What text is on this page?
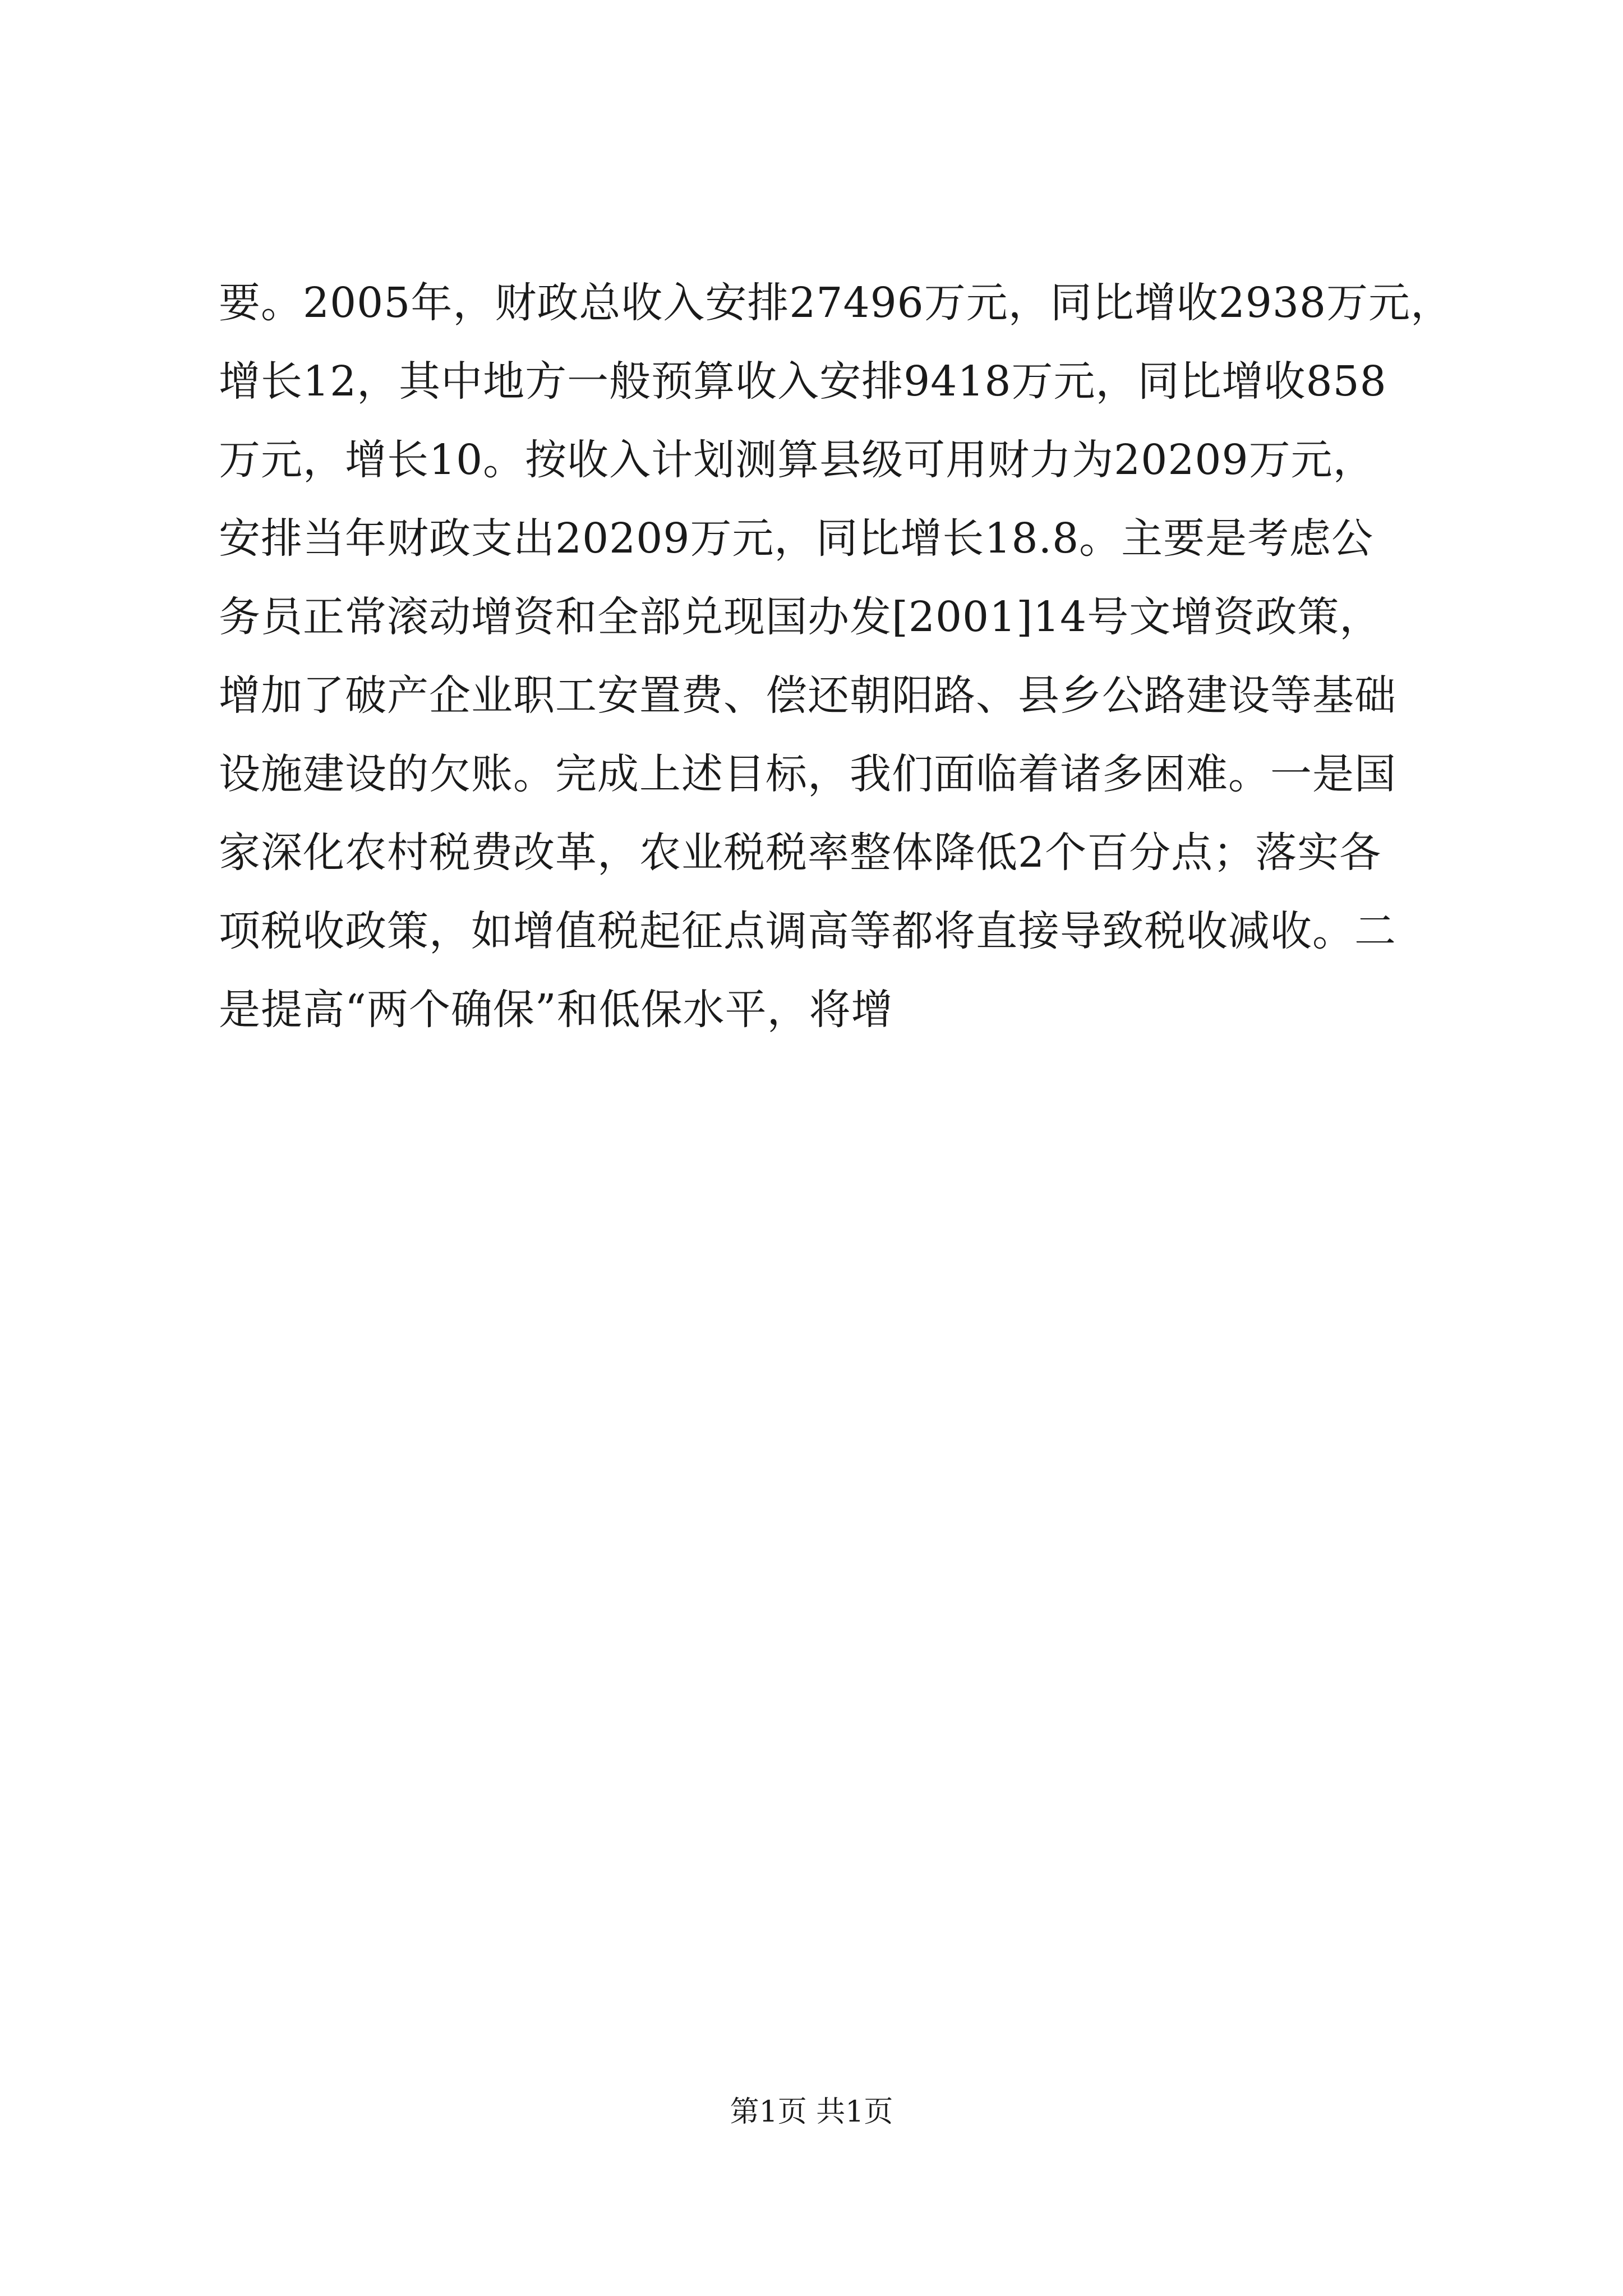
要。2005年，财政总收入安排27496万元，同比增收2938万元，
增长12，其中地方一般预算收入安排9418万元，同比增收858
万元，增长10。按收入计划测算县级可用财力为20209万元，
安排当年财政支出20209万元，同比增长18.8。主要是考虑公
务员正常滚动增资和全部兑现国办发[2001]14号文增资政策，
增加了破产企业职工安置费、偿还朝阳路、县乡公路建设等基础
设施建设的欠账。完成上述目标，我们面临着诸多困难。一是国
家深化农村税费改革，农业税税率整体降低2个百分点；落实各
项税收政策，如增值税起征点调高等都将直接导致税收减收。二
是提高“两个确保”和低保水平，将增
第1页 共1页
